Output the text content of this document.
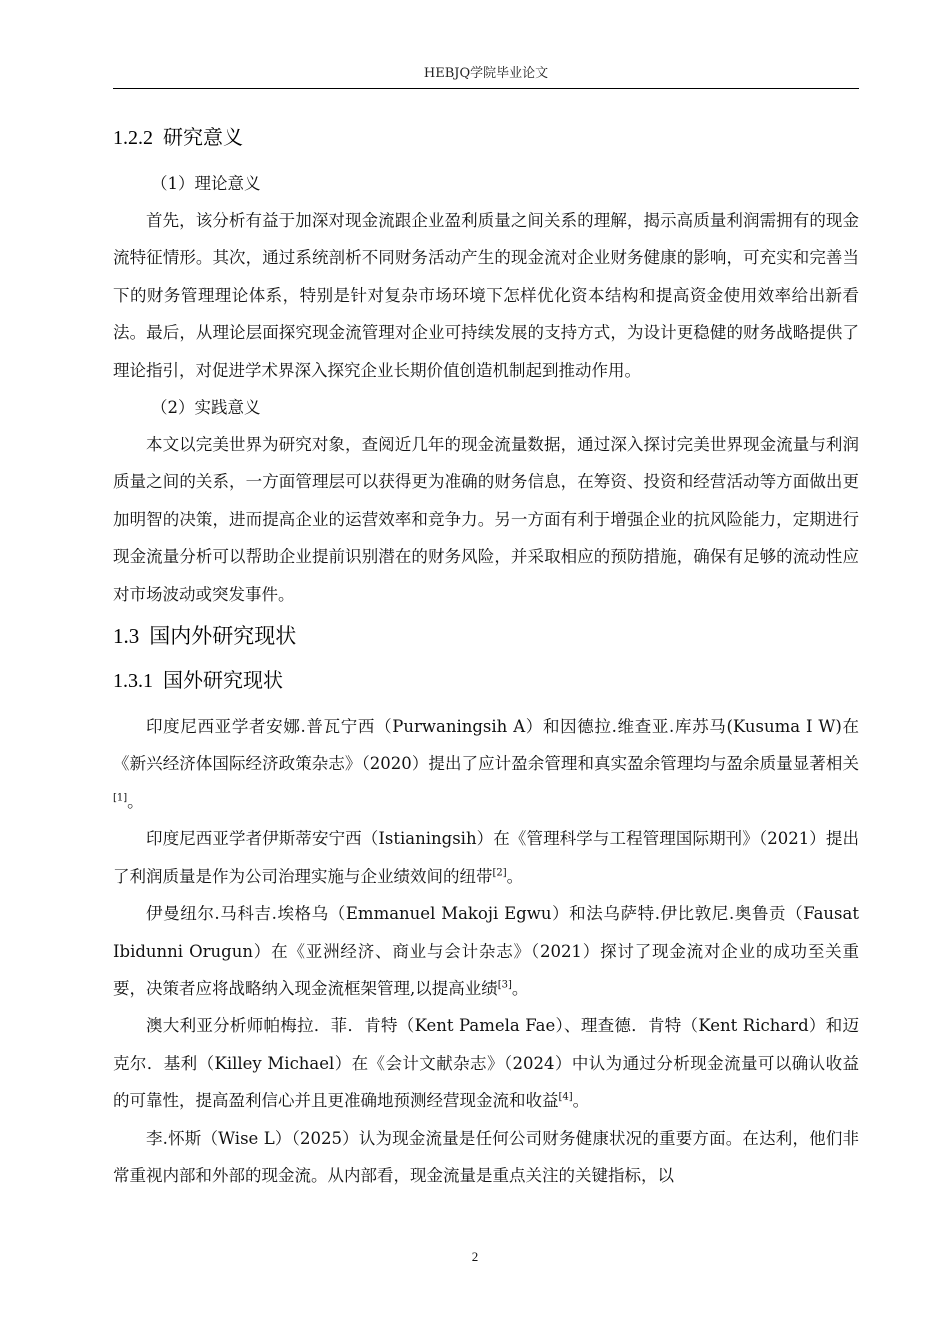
HEBJQ学院毕业论文
1.2.2 研究意义
（1）理论意义

首先，该分析有益于加深对现金流跟企业盈利质量之间关系的理解，揭示高质量利润需拥有的现金流特征情形。其次，通过系统剖析不同财务活动产生的现金流对企业财务健康的影响，可充实和完善当下的财务管理理论体系，特别是针对复杂市场环境下怎样优化资本结构和提高资金使用效率给出新看法。最后，从理论层面探究现金流管理对企业可持续发展的支持方式，为设计更稳健的财务战略提供了理论指引，对促进学术界深入探究企业长期价值创造机制起到推动作用。

（2）实践意义

本文以完美世界为研究对象，查阅近几年的现金流量数据，通过深入探讨完美世界现金流量与利润质量之间的关系，一方面管理层可以获得更为准确的财务信息，在筹资、投资和经营活动等方面做出更加明智的决策，进而提高企业的运营效率和竞争力。另一方面有利于增强企业的抗风险能力，定期进行现金流量分析可以帮助企业提前识别潜在的财务风险，并采取相应的预防措施，确保有足够的流动性应对市场波动或突发事件。

1.3 国内外研究现状
1.3.1 国外研究现状

印度尼西亚学者安娜.普瓦宁西（Purwaningsih A）和因德拉.维查亚.库苏马(Kusuma I W)在《新兴经济体国际经济政策杂志》（2020）提出了应计盈余管理和真实盈余管理均与盈余质量显著相关[1]。

印度尼西亚学者伊斯蒂安宁西（Istianingsih）在《管理科学与工程管理国际期刊》（2021）提出了利润质量是作为公司治理实施与企业绩效间的纽带[2]。

伊曼纽尔.马科吉.埃格乌（Emmanuel Makoji Egwu）和法乌萨特.伊比敦尼.奥鲁贡（Fausat Ibidunni Orugun）在《亚洲经济、商业与会计杂志》（2021）探讨了现金流对企业的成功至关重要，决策者应将战略纳入现金流框架管理,以提高业绩[3]。

澳大利亚分析师帕梅拉．菲．肯特（Kent Pamela Fae）、理查德．肯特（Kent Richard）和迈克尔．基利（Killey Michael）在《会计文献杂志》（2024）中认为通过分析现金流量可以确认收益的可靠性，提高盈利信心并且更准确地预测经营现金流和收益[4]。

李.怀斯（Wise L）（2025）认为现金流量是任何公司财务健康状况的重要方面。在达利，他们非常重视内部和外部的现金流。从内部看，现金流量是重点关注的关键指标，以

2
